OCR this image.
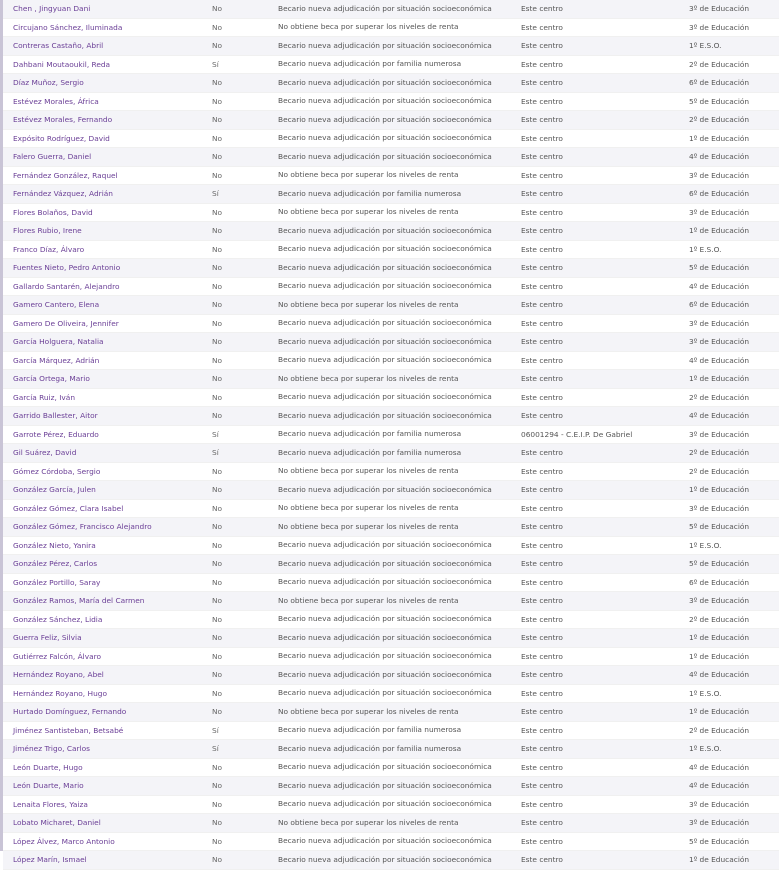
Chen , Jingyuan Dani	No	Becario nueva adjudicación por situación socioeconómica	Este centro	3º de Educación
Circujano Sánchez, Iluminada	No	No obtiene beca por superar los niveles de renta	Este centro	3º de Educación
Contreras Castaño, Abril	No	Becario nueva adjudicación por situación socioeconómica	Este centro	1º E.S.O.
Dahbani Moutaoukil, Reda	Sí	Becario nueva adjudicación por familia numerosa	Este centro	2º de Educación
Díaz Muñoz, Sergio	No	Becario nueva adjudicación por situación socioeconómica	Este centro	6º de Educación
Estévez Morales, África	No	Becario nueva adjudicación por situación socioeconómica	Este centro	5º de Educación
Estévez Morales, Fernando	No	Becario nueva adjudicación por situación socioeconómica	Este centro	2º de Educación
Expósito Rodríguez, David	No	Becario nueva adjudicación por situación socioeconómica	Este centro	1º de Educación
Falero Guerra, Daniel	No	Becario nueva adjudicación por situación socioeconómica	Este centro	4º de Educación
Fernández González, Raquel	No	No obtiene beca por superar los niveles de renta	Este centro	3º de Educación
Fernández Vázquez, Adrián	Sí	Becario nueva adjudicación por familia numerosa	Este centro	6º de Educación
Flores Bolaños, David	No	No obtiene beca por superar los niveles de renta	Este centro	3º de Educación
Flores Rubio, Irene	No	Becario nueva adjudicación por situación socioeconómica	Este centro	1º de Educación
Franco Díaz, Álvaro	No	Becario nueva adjudicación por situación socioeconómica	Este centro	1º E.S.O.
Fuentes Nieto, Pedro Antonio	No	Becario nueva adjudicación por situación socioeconómica	Este centro	5º de Educación
Gallardo Santarén, Alejandro	No	Becario nueva adjudicación por situación socioeconómica	Este centro	4º de Educación
Gamero Cantero, Elena	No	No obtiene beca por superar los niveles de renta	Este centro	6º de Educación
Gamero De Oliveira, Jennifer	No	Becario nueva adjudicación por situación socioeconómica	Este centro	3º de Educación
García Holguera, Natalia	No	Becario nueva adjudicación por situación socioeconómica	Este centro	3º de Educación
García Márquez, Adrián	No	Becario nueva adjudicación por situación socioeconómica	Este centro	4º de Educación
García Ortega, Mario	No	No obtiene beca por superar los niveles de renta	Este centro	1º de Educación
García Ruiz, Iván	No	Becario nueva adjudicación por situación socioeconómica	Este centro	2º de Educación
Garrido Ballester, Aitor	No	Becario nueva adjudicación por situación socioeconómica	Este centro	4º de Educación
Garrote Pérez, Eduardo	Sí	Becario nueva adjudicación por familia numerosa	06001294 - C.E.I.P. De Gabriel	3º de Educación
Gil Suárez, David	Sí	Becario nueva adjudicación por familia numerosa	Este centro	2º de Educación
Gómez Córdoba, Sergio	No	No obtiene beca por superar los niveles de renta	Este centro	2º de Educación
González García, Julen	No	Becario nueva adjudicación por situación socioeconómica	Este centro	1º de Educación
González Gómez, Clara Isabel	No	No obtiene beca por superar los niveles de renta	Este centro	3º de Educación
González Gómez, Francisco Alejandro	No	No obtiene beca por superar los niveles de renta	Este centro	5º de Educación
González Nieto, Yanira	No	Becario nueva adjudicación por situación socioeconómica	Este centro	1º E.S.O.
González Pérez, Carlos	No	Becario nueva adjudicación por situación socioeconómica	Este centro	5º de Educación
González Portillo, Saray	No	Becario nueva adjudicación por situación socioeconómica	Este centro	6º de Educación
González Ramos, María del Carmen	No	No obtiene beca por superar los niveles de renta	Este centro	3º de Educación
González Sánchez, Lidia	No	Becario nueva adjudicación por situación socioeconómica	Este centro	2º de Educación
Guerra Feliz, Silvia	No	Becario nueva adjudicación por situación socioeconómica	Este centro	1º de Educación
Gutiérrez Falcón, Álvaro	No	Becario nueva adjudicación por situación socioeconómica	Este centro	1º de Educación
Hernández Royano, Abel	No	Becario nueva adjudicación por situación socioeconómica	Este centro	4º de Educación
Hernández Royano, Hugo	No	Becario nueva adjudicación por situación socioeconómica	Este centro	1º E.S.O.
Hurtado Domínguez, Fernando	No	No obtiene beca por superar los niveles de renta	Este centro	1º de Educación
Jiménez Santisteban, Betsabé	Sí	Becario nueva adjudicación por familia numerosa	Este centro	2º de Educación
Jiménez Trigo, Carlos	Sí	Becario nueva adjudicación por familia numerosa	Este centro	1º E.S.O.
León Duarte, Hugo	No	Becario nueva adjudicación por situación socioeconómica	Este centro	4º de Educación
León Duarte, Mario	No	Becario nueva adjudicación por situación socioeconómica	Este centro	4º de Educación
Lenaita Flores, Yaiza	No	Becario nueva adjudicación por situación socioeconómica	Este centro	3º de Educación
Lobato Micharet, Daniel	No	No obtiene beca por superar los niveles de renta	Este centro	3º de Educación
López Álvez, Marco Antonio	No	Becario nueva adjudicación por situación socioeconómica	Este centro	5º de Educación
López Marín, Ismael	No	Becario nueva adjudicación por situación socioeconómica	Este centro	1º de Educación
